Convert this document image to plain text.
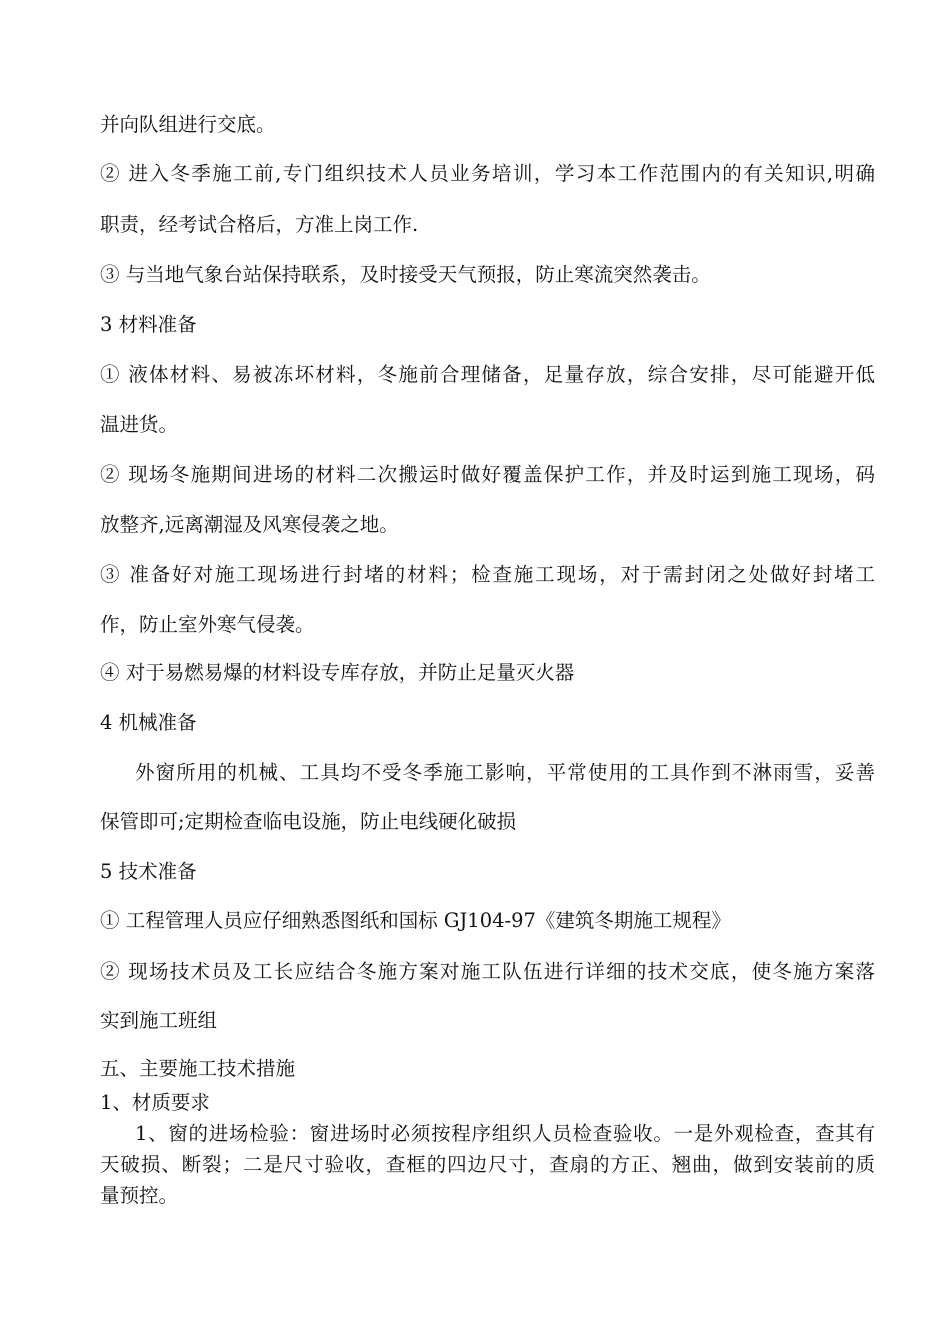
并向队组进行交底。

② 进入冬季施工前,专门组织技术人员业务培训，学习本工作范围内的有关知识,明确

职责，经考试合格后，方准上岗工作.

③ 与当地气象台站保持联系，及时接受天气预报，防止寒流突然袭击。

3 材料准备

① 液体材料、易被冻坏材料，冬施前合理储备，足量存放，综合安排，尽可能避开低

温进货。

② 现场冬施期间进场的材料二次搬运时做好覆盖保护工作，并及时运到施工现场，码

放整齐,远离潮湿及风寒侵袭之地。

③ 准备好对施工现场进行封堵的材料；检查施工现场，对于需封闭之处做好封堵工

作，防止室外寒气侵袭。

④ 对于易燃易爆的材料设专库存放，并防止足量灭火器

4 机械准备

外窗所用的机械、工具均不受冬季施工影响，平常使用的工具作到不淋雨雪，妥善

保管即可;定期检查临电设施，防止电线硬化破损

5 技术准备

① 工程管理人员应仔细熟悉图纸和国标 GJ104-97《建筑冬期施工规程》

② 现场技术员及工长应结合冬施方案对施工队伍进行详细的技术交底，使冬施方案落

实到施工班组

五、主要施工技术措施

1、材质要求

1、窗的进场检验：窗进场时必须按程序组织人员检查验收。一是外观检查，查其有

天破损、断裂；二是尺寸验收，查框的四边尺寸，查扇的方正、翘曲，做到安装前的质

量预控。
